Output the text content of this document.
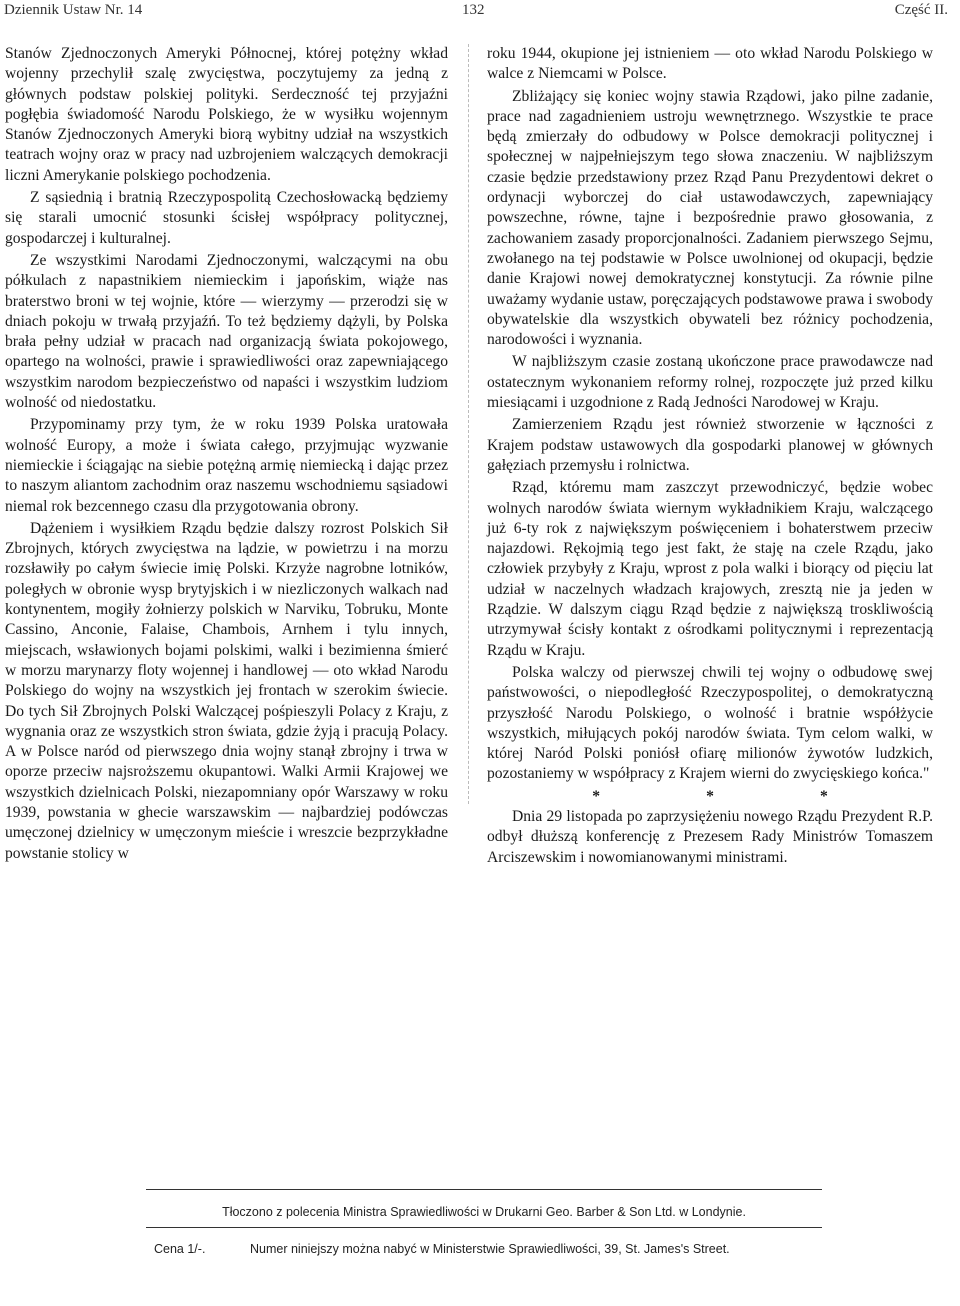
Dziennik Ustaw Nr. 14	132	Część II.

Stanów Zjednoczonych Ameryki Północnej, której potężny wkład wojenny przechylił szalę zwycięstwa, poczytujemy za jedną z głównych podstaw polskiej polityki. Serdeczność tej przyjaźni pogłębia świadomość Narodu Polskiego, że w wysiłku wojennym Stanów Zjednoczonych Ameryki biorą wybitny udział na wszystkich teatrach wojny oraz w pracy nad uzbrojeniem walczących demokracji liczni Amerykanie polskiego pochodzenia.

Z sąsiednią i bratnią Rzeczypospolitą Czechosłowacką będziemy się starali umocnić stosunki ścisłej współpracy politycznej, gospodarczej i kulturalnej.

Ze wszystkimi Narodami Zjednoczonymi, walczącymi na obu półkulach z napastnikiem niemieckim i japońskim, wiąże nas braterstwo broni w tej wojnie, które — wierzymy — przerodzi się w dniach pokoju w trwałą przyjaźń. To też będziemy dążyli, by Polska brała pełny udział w pracach nad organizacją świata pokojowego, opartego na wolności, prawie i sprawiedliwości oraz zapewniającego wszystkim narodom bezpieczeństwo od napaści i wszystkim ludziom wolność od niedostatku.

Przypominamy przy tym, że w roku 1939 Polska uratowała wolność Europy, a może i świata całego, przyjmując wyzwanie niemieckie i ściągając na siebie potężną armię niemiecką i dając przez to naszym aliantom zachodnim oraz naszemu wschodniemu sąsiadowi niemal rok bezcennego czasu dla przygotowania obrony.

Dążeniem i wysiłkiem Rządu będzie dalszy rozrost Polskich Sił Zbrojnych, których zwycięstwa na lądzie, w powietrzu i na morzu rozsławiły po całym świecie imię Polski. Krzyże nagrobne lotników, poległych w obronie wysp brytyjskich i w niezliczonych walkach nad kontynentem, mogiły żołnierzy polskich w Narviku, Tobruku, Monte Cassino, Anconie, Falaise, Chambois, Arnhem i tylu innych, miejscach, wsławionych bojami polskimi, walki i bezimienna śmierć w morzu marynarzy floty wojennej i handlowej — oto wkład Narodu Polskiego do wojny na wszystkich jej frontach w szerokim świecie. Do tych Sił Zbrojnych Polski Walczącej pośpieszyli Polacy z Kraju, z wygnania oraz ze wszystkich stron świata, gdzie żyją i pracują Polacy. A w Polsce naród od pierwszego dnia wojny stanął zbrojny i trwa w oporze przeciw najsroższemu okupantowi. Walki Armii Krajowej we wszystkich dzielnicach Polski, niezapomniany opór Warszawy w roku 1939, powstania w ghecie warszawskim — najbardziej podówczas umęczonej dzielnicy w umęczonym mieście i wreszcie bezprzykładne powstanie stolicy w

roku 1944, okupione jej istnieniem — oto wkład Narodu Polskiego w walce z Niemcami w Polsce.

Zbliżający się koniec wojny stawia Rządowi, jako pilne zadanie, prace nad zagadnieniem ustroju wewnętrznego. Wszystkie te prace będą zmierzały do odbudowy w Polsce demokracji politycznej i społecznej w najpełniejszym tego słowa znaczeniu. W najbliższym czasie będzie przedstawiony przez Rząd Panu Prezydentowi dekret o ordynacji wyborczej do ciał ustawodawczych, zapewniający powszechne, równe, tajne i bezpośrednie prawo głosowania, z zachowaniem zasady proporcjonalności. Zadaniem pierwszego Sejmu, zwołanego na tej podstawie w Polsce uwolnionej od okupacji, będzie danie Krajowi nowej demokratycznej konstytucji. Za równie pilne uważamy wydanie ustaw, poręczających podstawowe prawa i swobody obywatelskie dla wszystkich obywateli bez różnicy pochodzenia, narodowości i wyznania.

W najbliższym czasie zostaną ukończone prace prawodawcze nad ostatecznym wykonaniem reformy rolnej, rozpoczęte już przed kilku miesiącami i uzgodnione z Radą Jedności Narodowej w Kraju.

Zamierzeniem Rządu jest również stworzenie w łączności z Krajem podstaw ustawowych dla gospodarki planowej w głównych gałęziach przemysłu i rolnictwa.

Rząd, któremu mam zaszczyt przewodniczyć, będzie wobec wolnych narodów świata wiernym wykładnikiem Kraju, walczącego już 6-ty rok z największym poświęceniem i bohaterstwem przeciw najazdowi. Rękojmią tego jest fakt, że staję na czele Rządu, jako człowiek przybyły z Kraju, wprost z pola walki i biorący od pięciu lat udział w naczelnych władzach krajowych, zresztą nie ja jeden w Rządzie. W dalszym ciągu Rząd będzie z największą troskliwością utrzymywał ścisły kontakt z ośrodkami politycznymi i reprezentacją Rządu w Kraju.

Polska walczy od pierwszej chwili tej wojny o odbudowę swej państwowości, o niepodległość Rzeczypospolitej, o demokratyczną przyszłość Narodu Polskiego, o wolność i bratnie współżycie wszystkich, miłujących pokój narodów świata. Tym celom walki, w której Naród Polski poniósł ofiarę milionów żywotów ludzkich, pozostaniemy w współpracy z Krajem wierni do zwycięskiego końca."

*	*	*

Dnia 29 listopada po zaprzysiężeniu nowego Rządu Prezydent R.P. odbył dłuższą konferencję z Prezesem Rady Ministrów Tomaszem Arciszewskim i nowomianowanymi ministrami.

Tłoczono z polecenia Ministra Sprawiedliwości w Drukarni Geo. Barber & Son Ltd. w Londynie.
Cena 1/-.	Numer niniejszy można nabyć w Ministerstwie Sprawiedliwości, 39, St. James's Street.
